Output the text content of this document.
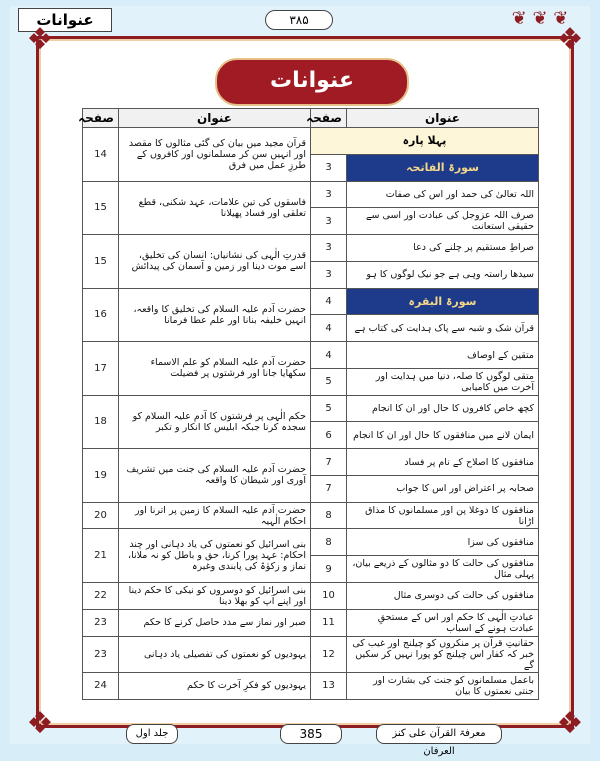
عنوانات	۳۸۵	❦ ❦ ❦
❖	❖
❖	❖
عنوانات
صفحہ	عنوان	صفحہ	عنوان
14	قرآن مجید میں بیان کی گئی مثالوں کا مقصد اور انہیں سن کر مسلمانوں اور کافروں کے طرزِ عمل میں فرق	پہلا پارہ	
		3	سورۃ الفاتحہ
15	فاسقوں کی تین علامات، عہد شکنی، قطع تعلقی اور فساد پھیلانا	3	اللہ تعالیٰ کی حمد اور اس کی صفات
		3	صرف اللہ عزوجل کی عبادت اور اسی سے حقیقی استعانت
15	قدرتِ الٰہی کی نشانیاں: انسان کی تخلیق، اسے موت دینا اور زمین و آسمان کی پیدائش	3	صراطِ مستقیم پر چلنے کی دعا
		3	سیدھا راستہ وہی ہے جو نیک لوگوں کا ہو
16	حضرت آدم علیہ السلام کی تخلیق کا واقعہ، انہیں خلیفہ بنانا اور علم عطا فرمانا	4	سورۃ البقرہ
		4	قرآن شک و شبہ سے پاک ہدایت کی کتاب ہے
17	حضرت آدم علیہ السلام کو علم الاسماء سکھایا جانا اور فرشتوں پر فضیلت	4	متقین کے اوصاف
		5	متقی لوگوں کا صلہ، دنیا میں ہدایت اور آخرت میں کامیابی
18	حکم الٰہی پر فرشتوں کا آدم علیہ السلام کو سجدہ کرنا جبکہ ابلیس کا انکار و تکبر	5	کچھ خاص کافروں کا حال اور ان کا انجام
		6	ایمان لانے میں منافقوں کا حال اور ان کا انجام
19	حضرت آدم علیہ السلام کی جنت میں تشریف آوری اور شیطان کا واقعہ	7	منافقوں کا اصلاح کے نام پر فساد
		7	صحابہ پر اعتراض اور اس کا جواب
20	حضرت آدم علیہ السلام کا زمین پر اترنا اور احکام الٰہیہ	8	منافقوں کا دوغلا پن اور مسلمانوں کا مذاق اڑانا
21	بنی اسرائیل کو نعمتوں کی یاد دہانی اور چند احکام: عہد پورا کرنا، حق و باطل کو نہ ملانا، نماز و زکوٰۃ کی پابندی وغیرہ	8	منافقوں کی سزا
		9	منافقوں کی حالت کا دو مثالوں کے ذریعے بیان، پہلی مثال
22	بنی اسرائیل کو دوسروں کو نیکی کا حکم دینا اور اپنے آپ کو بھلا دینا	10	منافقوں کی حالت کی دوسری مثال
23	صبر اور نماز سے مدد حاصل کرنے کا حکم	11	عبادتِ الٰہی کا حکم اور اس کے مستحقِ عبادت ہونے کے اسباب
23	یہودیوں کو نعمتوں کی تفصیلی یاد دہانی	12	حقانیتِ قرآن پر منکروں کو چیلنج اور غیب کی خبر کہ کفار اس چیلنج کو پورا نہیں کر سکیں گے
24	یہودیوں کو فکرِ آخرت کا حکم	13	باعمل مسلمانوں کو جنت کی بشارت اور جنتی نعمتوں کا بیان
جلد اول	385	معرفۃ القرآن علی کنز العرفان
